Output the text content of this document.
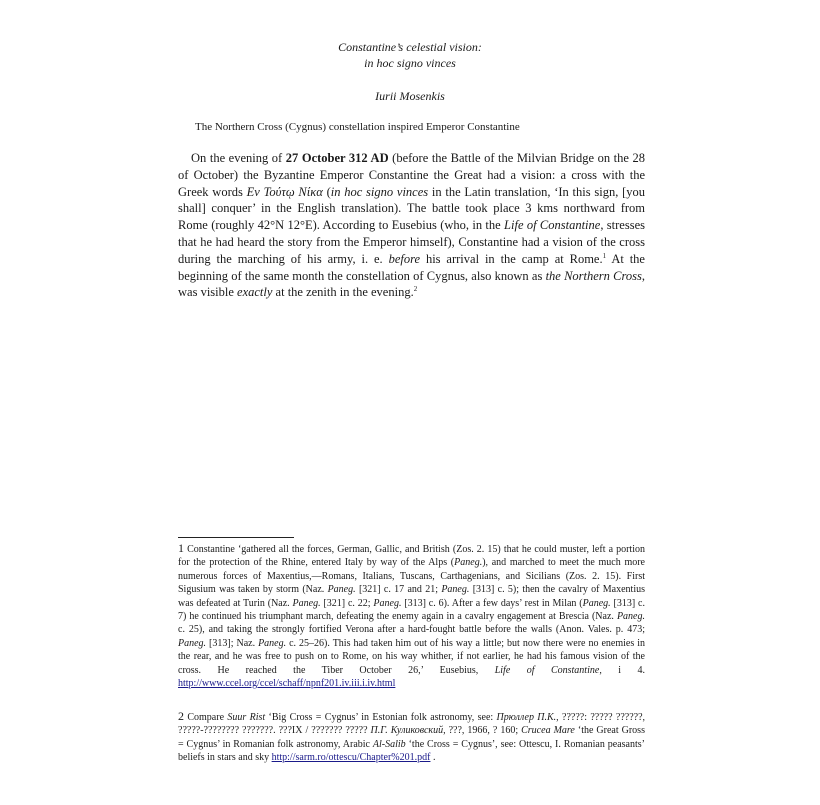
Constantine’s celestial vision:
in hoc signo vinces
Iurii Mosenkis
The Northern Cross (Cygnus) constellation inspired Emperor Constantine

On the evening of 27 October 312 AD (before the Battle of the Milvian Bridge on the 28 of October) the Byzantine Emperor Constantine the Great had a vision: a cross with the Greek words Εν Τούτῳ Νίκα (in hoc signo vinces in the Latin translation, ‘In this sign, [you shall] conquer’ in the English translation). The battle took place 3 kms northward from Rome (roughly 42°N 12°E). According to Eusebius (who, in the Life of Constantine, stresses that he had heard the story from the Emperor himself), Constantine had a vision of the cross during the marching of his army, i. e. before his arrival in the camp at Rome.$^1$ At the beginning of the same month the constellation of Cygnus, also known as the Northern Cross, was visible exactly at the zenith in the evening.$^2$

1 Constantine ‘gathered all the forces, German, Gallic, and British (Zos. 2. 15) that he could muster, left a portion for the protection of the Rhine, entered Italy by way of the Alps (Paneg.), and marched to meet the much more numerous forces of Maxentius,—Romans, Italians, Tuscans, Carthagenians, and Sicilians (Zos. 2. 15). First Sigusium was taken by storm (Naz. Paneg. [321] c. 17 and 21; Paneg. [313] c. 5); then the cavalry of Maxentius was defeated at Turin (Naz. Paneg. [321] c. 22; Paneg. [313] c. 6). After a few days’ rest in Milan (Paneg. [313] c. 7) he continued his triumphant march, defeating the enemy again in a cavalry engagement at Brescia (Naz. Paneg. c. 25), and taking the strongly fortified Verona after a hard-fought battle before the walls (Anon. Vales. p. 473; Paneg. [313]; Naz. Paneg. c. 25–26). This had taken him out of his way a little; but now there were no enemies in the rear, and he was free to push on to Rome, on his way whither, if not earlier, he had his famous vision of the cross. He reached the Tiber October 26,’ Eusebius, Life of Constantine, i 4. http://www.ccel.org/ccel/schaff/npnf201.iv.iii.i.iv.html
2 Compare Suur Rist ‘Big Cross = Cygnus’ in Estonian folk astronomy, see: Прюллер П.К., ?????: ????? ??????, ?????-???????? ???????. ???IX / ??????? ????? П.Г. Куликовский, ???, 1966, ? 160; Crucea Mare ‘the Great Gross = Cygnus’ in Romanian folk astronomy, Arabic Al-Salib ‘the Cross = Cygnus’, see: Ottescu, I. Romanian peasants’ beliefs in stars and sky http://sarm.ro/ottescu/Chapter%201.pdf .
